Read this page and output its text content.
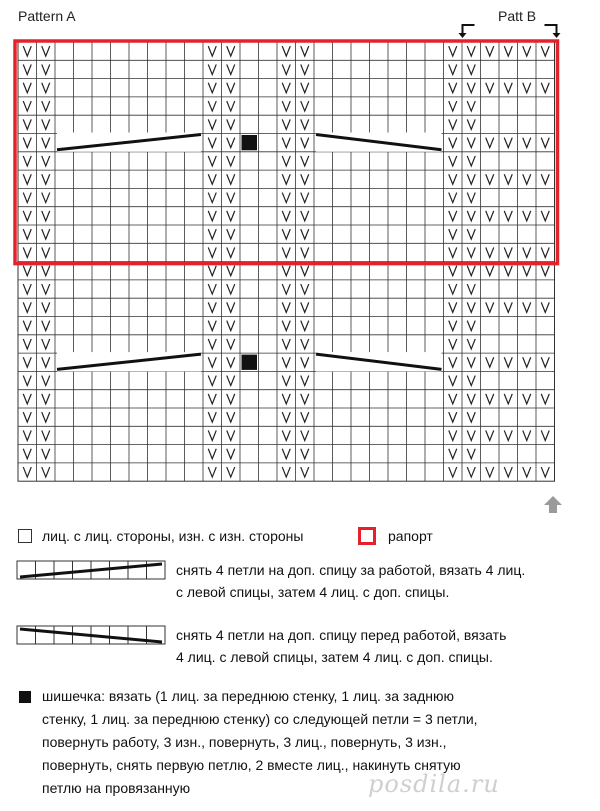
Pattern A	Patt B
лиц. с лиц. стороны, изн. с изн. стороны	рапорт
снять 4 петли на доп. спицу за работой, вязать 4 лиц.
с левой спицы, затем 4 лиц. с доп. спицы.
снять 4 петли на доп. спицу перед работой, вязать
4 лиц. с левой спицы, затем 4 лиц. с доп. спицы.
шишечка: вязать (1 лиц. за переднюю стенку, 1 лиц. за заднюю
стенку, 1 лиц. за переднюю стенку) со следующей петли = 3 петли,
повернуть работу, 3 изн., повернуть, 3 лиц., повернуть, 3 изн.,
повернуть, снять первую петлю, 2 вместе лиц., накинуть снятую
петлю на провязанную	posdila.ru
